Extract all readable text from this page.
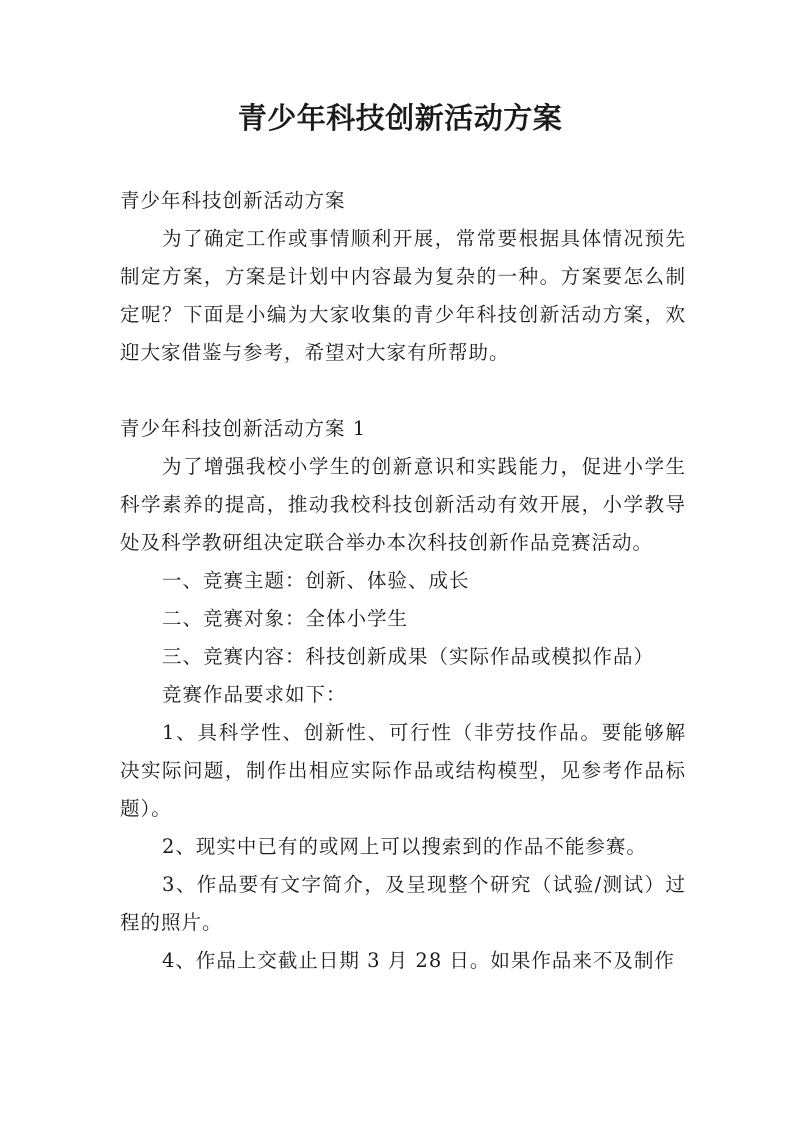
青少年科技创新活动方案

青少年科技创新活动方案

为了确定工作或事情顺利开展，常常要根据具体情况预先制定方案，方案是计划中内容最为复杂的一种。方案要怎么制定呢？下面是小编为大家收集的青少年科技创新活动方案，欢迎大家借鉴与参考，希望对大家有所帮助。

青少年科技创新活动方案 1

为了增强我校小学生的创新意识和实践能力，促进小学生科学素养的提高，推动我校科技创新活动有效开展，小学教导处及科学教研组决定联合举办本次科技创新作品竞赛活动。

一、竞赛主题：创新、体验、成长

二、竞赛对象：全体小学生

三、竞赛内容：科技创新成果（实际作品或模拟作品）

竞赛作品要求如下：

1、具科学性、创新性、可行性（非劳技作品。要能够解决实际问题，制作出相应实际作品或结构模型，见参考作品标题）。

2、现实中已有的或网上可以搜索到的作品不能参赛。

3、作品要有文字简介，及呈现整个研究（试验/测试）过程的照片。

4、作品上交截止日期 3 月 28 日。如果作品来不及制作
